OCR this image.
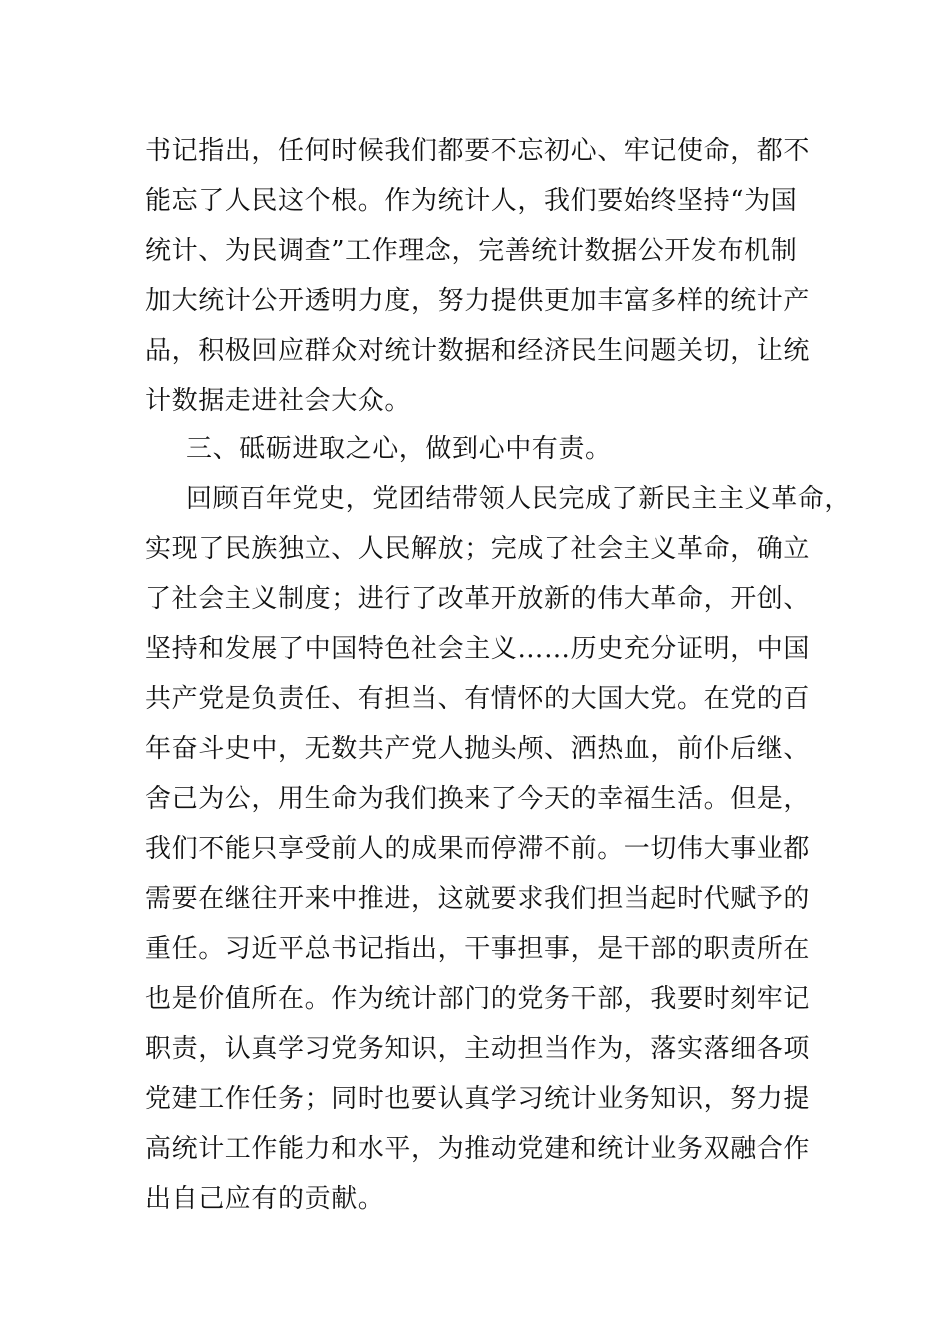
书记指出，任何时候我们都要不忘初心、牢记使命，都不
能忘了人民这个根。作为统计人，我们要始终坚持“为国
统计、为民调查”工作理念，完善统计数据公开发布机制
加大统计公开透明力度，努力提供更加丰富多样的统计产
品，积极回应群众对统计数据和经济民生问题关切，让统
计数据走进社会大众。
三、砥砺进取之心，做到心中有责。
回顾百年党史，党团结带领人民完成了新民主主义革命，
实现了民族独立、人民解放；完成了社会主义革命，确立
了社会主义制度；进行了改革开放新的伟大革命，开创、
坚持和发展了中国特色社会主义……历史充分证明，中国
共产党是负责任、有担当、有情怀的大国大党。在党的百
年奋斗史中，无数共产党人抛头颅、洒热血，前仆后继、
舍己为公，用生命为我们换来了今天的幸福生活。但是，
我们不能只享受前人的成果而停滞不前。一切伟大事业都
需要在继往开来中推进，这就要求我们担当起时代赋予的
重任。习近平总书记指出，干事担事，是干部的职责所在
也是价值所在。作为统计部门的党务干部，我要时刻牢记
职责，认真学习党务知识，主动担当作为，落实落细各项
党建工作任务；同时也要认真学习统计业务知识，努力提
高统计工作能力和水平，为推动党建和统计业务双融合作
出自己应有的贡献。
